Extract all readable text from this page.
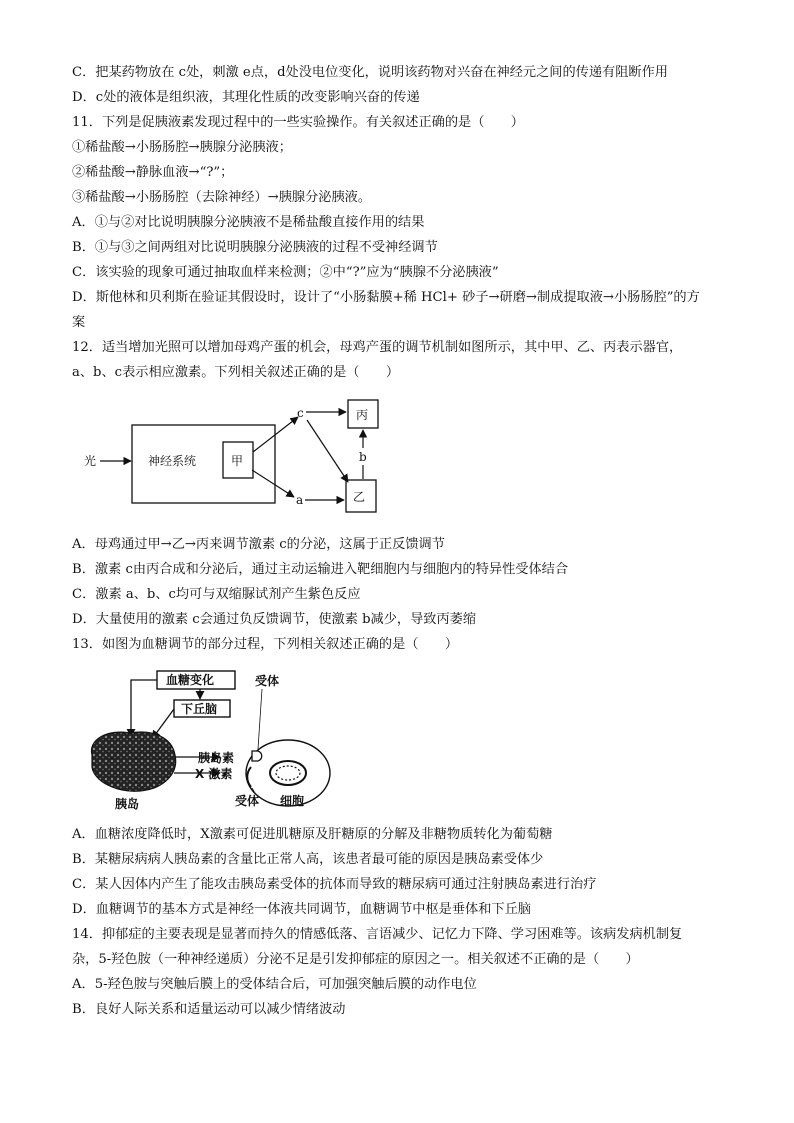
C．把某药物放在 c处，刺激 e点，d处没电位变化，说明该药物对兴奋在神经元之间的传递有阻断作用
D．c处的液体是组织液，其理化性质的改变影响兴奋的传递
11．下列是促胰液素发现过程中的一些实验操作。有关叙述正确的是（　　）
①稀盐酸→小肠肠腔→胰腺分泌胰液；
②稀盐酸→静脉血液→“?”；
③稀盐酸→小肠肠腔（去除神经）→胰腺分泌胰液。
A．①与②对比说明胰腺分泌胰液不是稀盐酸直接作用的结果
B．①与③之间两组对比说明胰腺分泌胰液的过程不受神经调节
C．该实验的现象可通过抽取血样来检测；②中“?”应为“胰腺不分泌胰液”
D．斯他林和贝利斯在验证其假设时，设计了“小肠黏膜+稀 HCl+ 砂子→研磨→制成提取液→小肠肠腔”的方
案
12．适当增加光照可以增加母鸡产蛋的机会，母鸡产蛋的调节机制如图所示，其中甲、乙、丙表示器官，
a、b、c表示相应激素。下列相关叙述正确的是（　　）
光	神经系统	甲
丙
乙
a
b
c
A．母鸡通过甲→乙→丙来调节激素 c的分泌，这属于正反馈调节
B．激素 c由丙合成和分泌后，通过主动运输进入靶细胞内与细胞内的特异性受体结合
C．激素 a、b、c均可与双缩脲试剂产生紫色反应
D．大量使用的激素 c会通过负反馈调节，使激素 b减少，导致丙萎缩
13．如图为血糖调节的部分过程，下列相关叙述正确的是（　　）
血糖变化
下丘脑
受体
胰岛素
X 激素
受体
胰岛	细胞
A．血糖浓度降低时，X激素可促进肌糖原及肝糖原的分解及非糖物质转化为葡萄糖
B．某糖尿病病人胰岛素的含量比正常人高，该患者最可能的原因是胰岛素受体少
C．某人因体内产生了能攻击胰岛素受体的抗体而导致的糖尿病可通过注射胰岛素进行治疗
D．血糖调节的基本方式是神经一体液共同调节，血糖调节中枢是垂体和下丘脑
14．抑郁症的主要表现是显著而持久的情感低落、言语减少、记忆力下降、学习困难等。该病发病机制复
杂，5-羟色胺（一种神经递质）分泌不足是引发抑郁症的原因之一。相关叙述不正确的是（　　）
A．5-羟色胺与突触后膜上的受体结合后，可加强突触后膜的动作电位
B．良好人际关系和适量运动可以减少情绪波动
